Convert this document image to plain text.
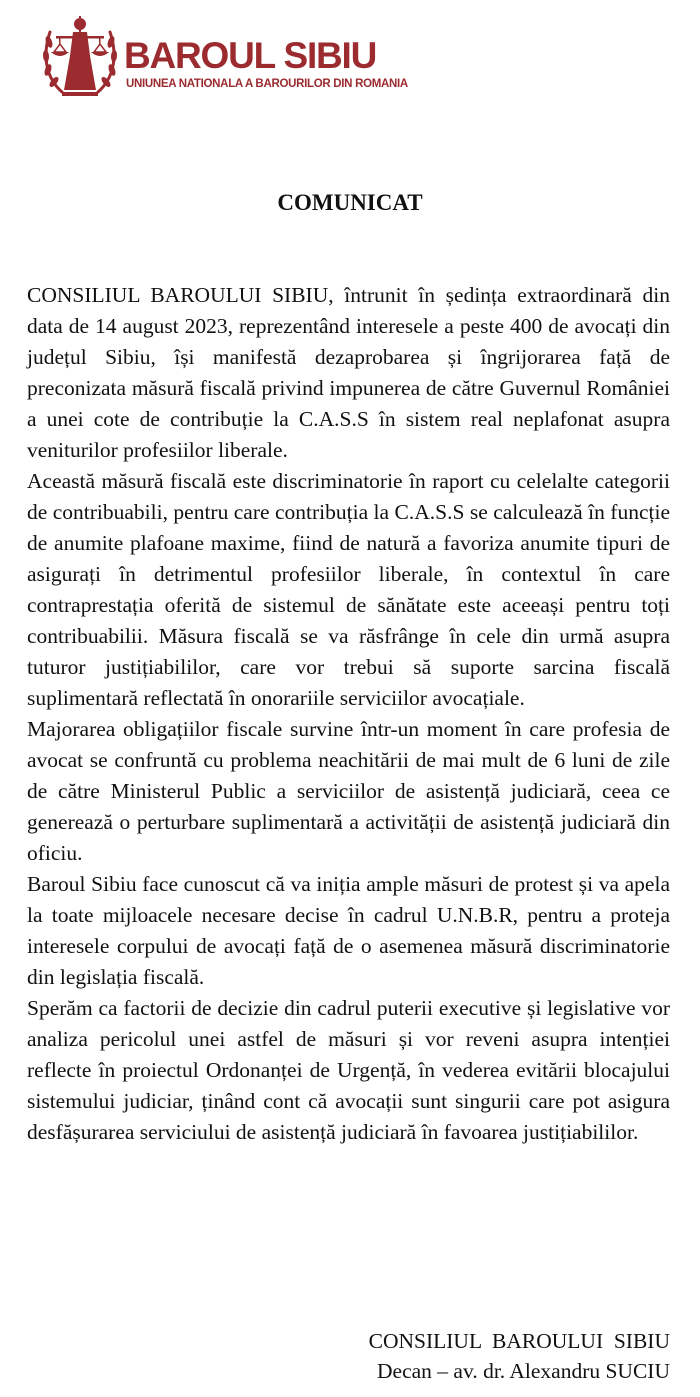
BAROUL SIBIU
UNIUNEA NATIONALA A BAROURILOR DIN ROMANIA
COMUNICAT

CONSILIUL BAROULUI SIBIU, întrunit în ședința extraordinară din data de 14 august 2023, reprezentând interesele a peste 400 de avocați din județul Sibiu, își manifestă dezaprobarea și îngrijorarea față de preconizata măsură fiscală privind impunerea de către Guvernul României a unei cote de contribuție la C.A.S.S în sistem real neplafonat asupra veniturilor profesiilor liberale.

Această măsură fiscală este discriminatorie în raport cu celelalte categorii de contribuabili, pentru care contribuția la C.A.S.S se calculează în funcție de anumite plafoane maxime, fiind de natură a favoriza anumite tipuri de asigurați în detrimentul profesiilor liberale, în contextul în care contraprestația oferită de sistemul de sănătate este aceeași pentru toți contribuabilii. Măsura fiscală se va răsfrânge în cele din urmă asupra tuturor justițiabililor, care vor trebui să suporte sarcina fiscală suplimentară reflectată în onorariile serviciilor avocațiale.

Majorarea obligațiilor fiscale survine într-un moment în care profesia de avocat se confruntă cu problema neachitării de mai mult de 6 luni de zile de către Ministerul Public a serviciilor de asistență judiciară, ceea ce generează o perturbare suplimentară a activității de asistență judiciară din oficiu.

Baroul Sibiu face cunoscut că va iniția ample măsuri de protest și va apela la toate mijloacele necesare decise în cadrul U.N.B.R, pentru a proteja interesele corpului de avocați față de o asemenea măsură discriminatorie din legislația fiscală.

Sperăm ca factorii de decizie din cadrul puterii executive și legislative vor analiza pericolul unei astfel de măsuri și vor reveni asupra intenției reflecte în proiectul Ordonanței de Urgență, în vederea evitării blocajului sistemului judiciar, ținând cont că avocații sunt singurii care pot asigura desfășurarea serviciului de asistență judiciară în favoarea justițiabililor.

CONSILIUL  BAROULUI  SIBIU
Decan – av. dr. Alexandru SUCIU
